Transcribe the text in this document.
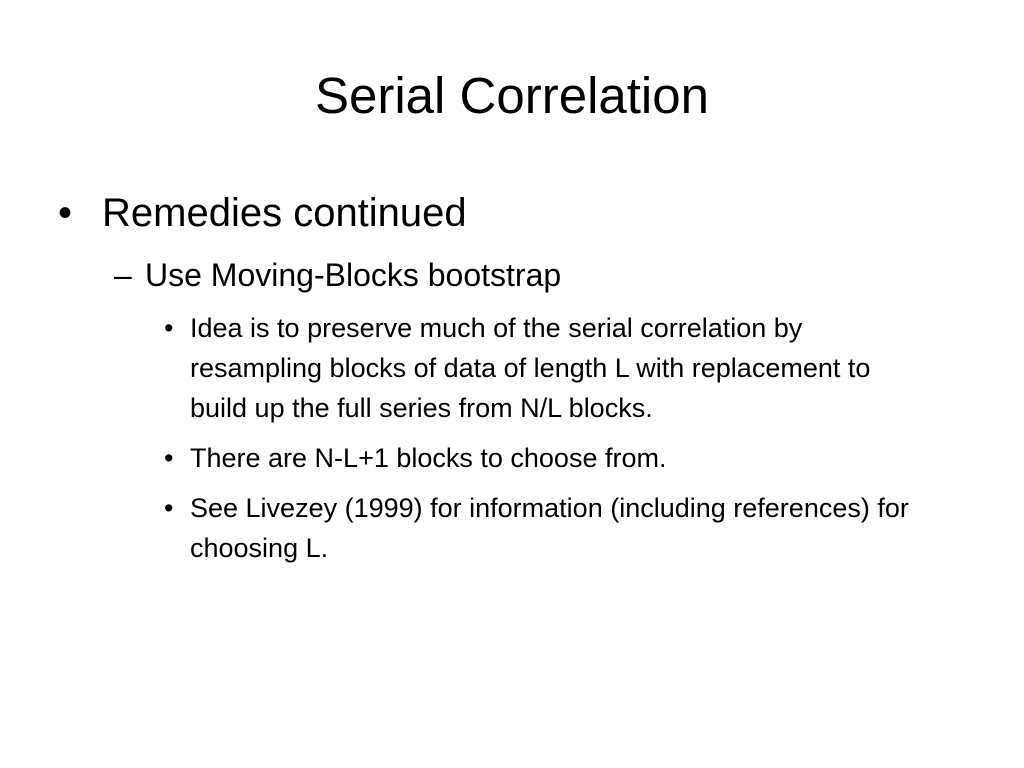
Serial Correlation
• Remedies continued
– Use Moving-Blocks bootstrap
• Idea is to preserve much of the serial correlation by resampling blocks of data of length L with replacement to build up the full series from N/L blocks.
• There are N-L+1 blocks to choose from.
• See Livezey (1999) for information (including references) for choosing L.
